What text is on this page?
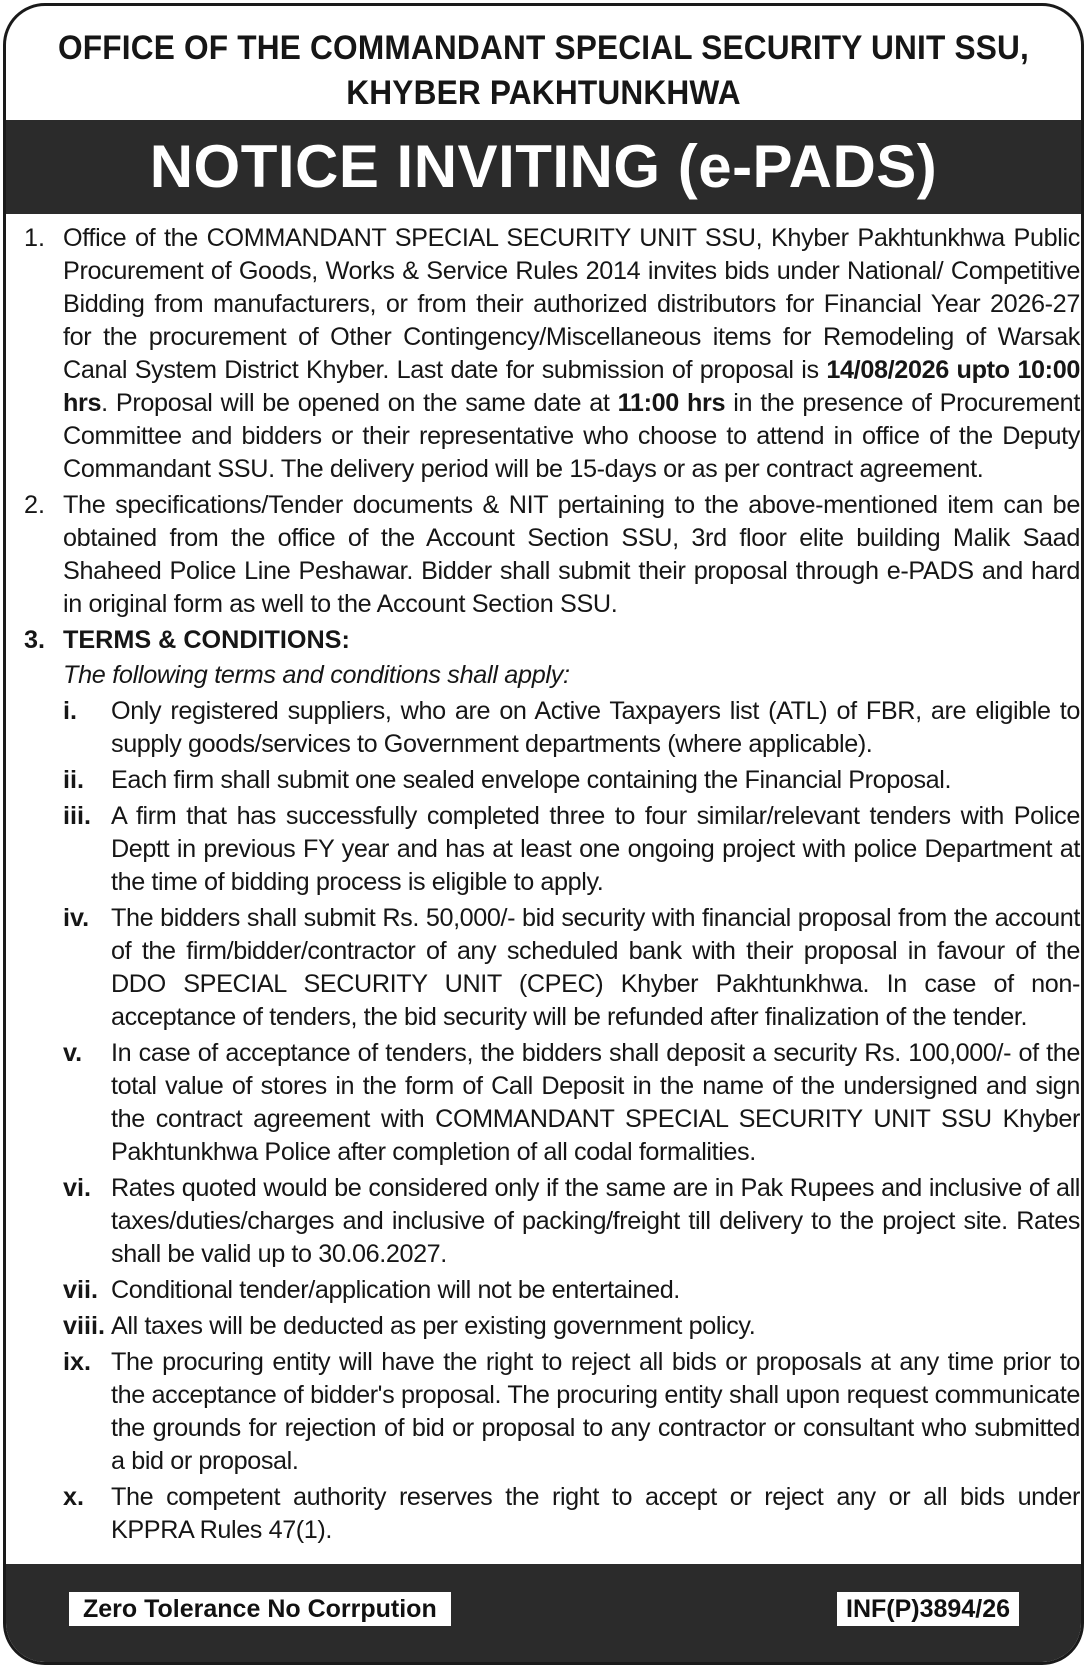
OFFICE OF THE COMMANDANT SPECIAL SECURITY UNIT SSU,
KHYBER PAKHTUNKHWA
NOTICE INVITING (e-PADS)
1. Office of the COMMANDANT SPECIAL SECURITY UNIT SSU, Khyber Pakhtunkhwa Public Procurement of Goods, Works & Service Rules 2014 invites bids under National/ Competitive Bidding from manufacturers, or from their authorized distributors for Financial Year 2026-27 for the procurement of Other Contingency/Miscellaneous items for Remodeling of Warsak Canal System District Khyber. Last date for submission of proposal is 14/08/2026 upto 10:00 hrs. Proposal will be opened on the same date at 11:00 hrs in the presence of Procurement Committee and bidders or their representative who choose to attend in office of the Deputy Commandant SSU. The delivery period will be 15-days or as per contract agreement.
2. The specifications/Tender documents & NIT pertaining to the above-mentioned item can be obtained from the office of the Account Section SSU, 3rd floor elite building Malik Saad Shaheed Police Line Peshawar. Bidder shall submit their proposal through e-PADS and hard in original form as well to the Account Section SSU.
3. TERMS & CONDITIONS:
The following terms and conditions shall apply:
i.	Only registered suppliers, who are on Active Taxpayers list (ATL) of FBR, are eligible to supply goods/services to Government departments (where applicable).
ii.	Each firm shall submit one sealed envelope containing the Financial Proposal.
iii. A firm that has successfully completed three to four similar/relevant tenders with Police Deptt in previous FY year and has at least one ongoing project with police Department at the time of bidding process is eligible to apply.
iv. The bidders shall submit Rs. 50,000/- bid security with financial proposal from the account of the firm/bidder/contractor of any scheduled bank with their proposal in favour of the DDO SPECIAL SECURITY UNIT (CPEC) Khyber Pakhtunkhwa. In case of non-acceptance of tenders, the bid security will be refunded after finalization of the tender.
v.	In case of acceptance of tenders, the bidders shall deposit a security Rs. 100,000/- of the total value of stores in the form of Call Deposit in the name of the undersigned and sign the contract agreement with COMMANDANT SPECIAL SECURITY UNIT SSU Khyber Pakhtunkhwa Police after completion of all codal formalities.
vi. Rates quoted would be considered only if the same are in Pak Rupees and inclusive of all taxes/duties/charges and inclusive of packing/freight till delivery to the project site. Rates shall be valid up to 30.06.2027.
vii. Conditional tender/application will not be entertained.
viii. All taxes will be deducted as per existing government policy.
ix. The procuring entity will have the right to reject all bids or proposals at any time prior to the acceptance of bidder's proposal. The procuring entity shall upon request communicate the grounds for rejection of bid or proposal to any contractor or consultant who submitted a bid or proposal.
x.	The competent authority reserves the right to accept or reject any or all bids under KPPRA Rules 47(1).
Zero Tolerance No Corrpution	INF(P)3894/26
